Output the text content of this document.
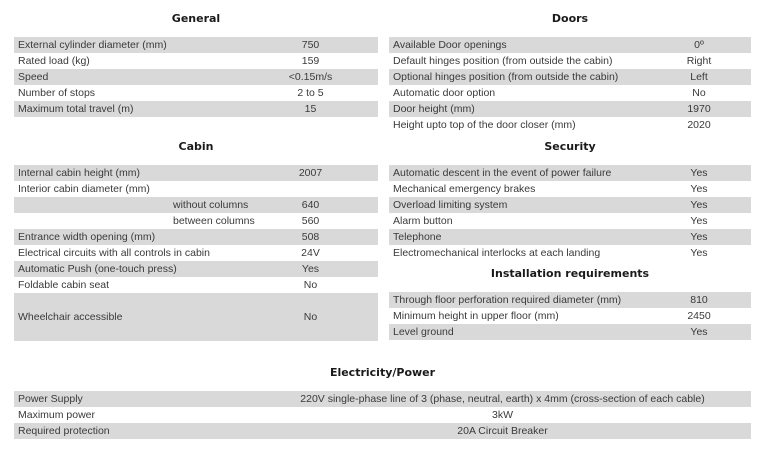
General
External cylinder diameter (mm)	750
Rated load (kg)	159
Speed	<0.15m/s
Number of stops	2 to 5
Maximum total travel (m)	15
Doors
Available Door openings	0º
Default hinges position (from outside the cabin)	Right
Optional hinges position (from outside the cabin)	Left
Automatic door option	No
Door height (mm)	1970
Height upto top of the door closer (mm)	2020
Cabin
Internal cabin height (mm)	2007
Interior cabin diameter (mm)	
without columns	640
between columns	560
Entrance width opening (mm)	508
Electrical circuits with all controls in cabin	24V
Automatic Push (one-touch press)	Yes
Foldable cabin seat	No
Wheelchair accessible	No
Security
Automatic descent in the event of power failure	Yes
Mechanical emergency brakes	Yes
Overload limiting system	Yes
Alarm button	Yes
Telephone	Yes
Electromechanical interlocks at each landing	Yes
Installation requirements
Through floor perforation required diameter (mm)	810
Minimum height in upper floor (mm)	2450
Level ground	Yes
Electricity/Power
Power Supply	220V single-phase line of 3 (phase, neutral, earth) x 4mm (cross-section of each cable)
Maximum power	3kW
Required protection	20A Circuit Breaker
